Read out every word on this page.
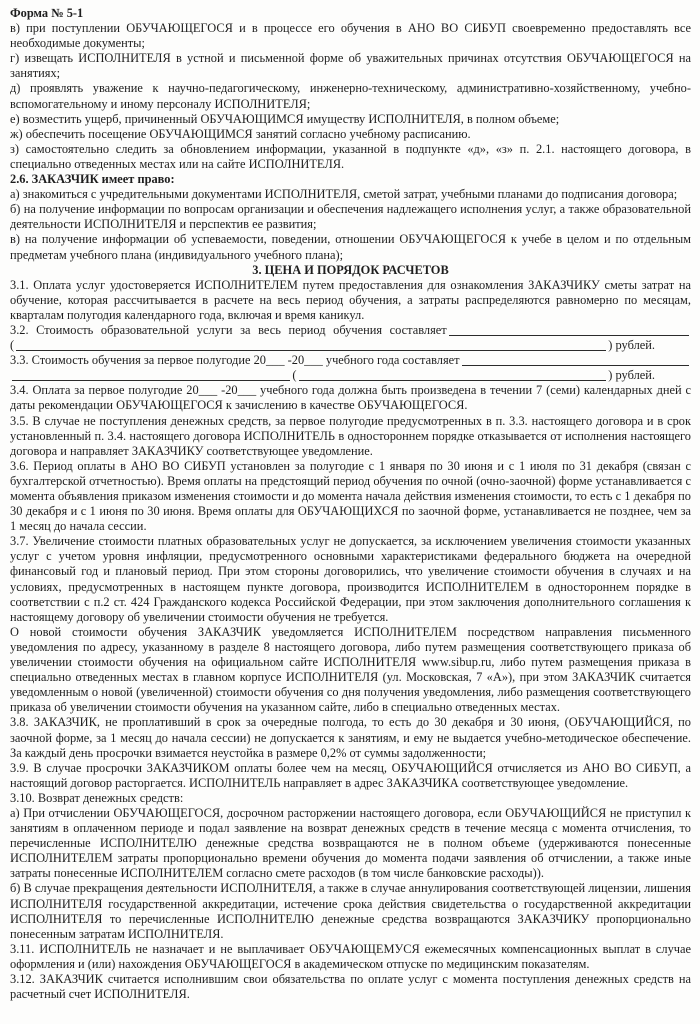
Форма № 5-1
в) при поступлении ОБУЧАЮЩЕГОСЯ и в процессе его обучения в АНО ВО СИБУП своевременно предоставлять все необходимые документы;
г) извещать ИСПОЛНИТЕЛЯ в устной и письменной форме об уважительных причинах отсутствия ОБУЧАЮЩЕГОСЯ на занятиях;
д) проявлять уважение к научно-педагогическому, инженерно-техническому, административно-хозяйственному, учебно-вспомогательному и иному персоналу ИСПОЛНИТЕЛЯ;
е) возместить ущерб, причиненный ОБУЧАЮЩИМСЯ имуществу ИСПОЛНИТЕЛЯ, в полном объеме;
ж) обеспечить посещение ОБУЧАЮЩИМСЯ занятий согласно учебному расписанию.
з) самостоятельно следить за обновлением информации, указанной в подпункте «д», «з» п. 2.1. настоящего договора, в специально отведенных местах или на сайте ИСПОЛНИТЕЛЯ.
2.6. ЗАКАЗЧИК имеет право:
а) знакомиться с учредительными документами ИСПОЛНИТЕЛЯ, сметой затрат, учебными планами до подписания договора;
б) на получение информации по вопросам организации и обеспечения надлежащего исполнения услуг, а также образовательной деятельности ИСПОЛНИТЕЛЯ и перспектив ее развития;
в) на получение информации об успеваемости, поведении, отношении ОБУЧАЮЩЕГОСЯ к учебе в целом и по отдельным предметам учебного плана (индивидуального учебного плана);
3. ЦЕНА И ПОРЯДОК РАСЧЕТОВ
3.1. Оплата услуг удостоверяется ИСПОЛНИТЕЛЕМ путем предоставления для ознакомления ЗАКАЗЧИКУ сметы затрат на обучение, которая рассчитывается в расчете на весь период обучения, а затраты распределяются равномерно по месяцам, кварталам полугодия календарного года, включая и время каникул.
3.2. Стоимость образовательной услуги за весь период обучения составляет
(	) рублей.
3.3. Стоимость обучения за первое полугодие 20___ -20___ учебного года составляет
(	) рублей.
3.4. Оплата за первое полугодие 20___ -20___ учебного года должна быть произведена в течении 7 (семи) календарных дней с даты рекомендации ОБУЧАЮЩЕГОСЯ к зачислению в качестве ОБУЧАЮЩЕГОСЯ.
3.5. В случае не поступления денежных средств, за первое полугодие предусмотренных в п. 3.3. настоящего договора и в срок установленный п. 3.4. настоящего договора ИСПОЛНИТЕЛЬ в одностороннем порядке отказывается от исполнения настоящего договора и направляет ЗАКАЗЧИКУ соответствующее уведомление.
3.6. Период оплаты в АНО ВО СИБУП установлен за полугодие с 1 января по 30 июня и с 1 июля по 31 декабря (связан с бухгалтерской отчетностью). Время оплаты на предстоящий период обучения по очной (очно-заочной) форме устанавливается с момента объявления приказом изменения стоимости и до момента начала действия изменения стоимости, то есть с 1 декабря по 30 декабря и с 1 июня по 30 июня. Время оплаты для ОБУЧАЮЩИХСЯ по заочной форме, устанавливается не позднее, чем за 1 месяц до начала сессии.
3.7. Увеличение стоимости платных образовательных услуг не допускается, за исключением увеличения стоимости указанных услуг с учетом уровня инфляции, предусмотренного основными характеристиками федерального бюджета на очередной финансовый год и плановый период. При этом стороны договорились, что увеличение стоимости обучения в случаях и на условиях, предусмотренных в настоящем пункте договора, производится ИСПОЛНИТЕЛЕМ в одностороннем порядке в соответствии с п.2 ст. 424 Гражданского кодекса Российской Федерации, при этом заключения дополнительного соглашения к настоящему договору об увеличении стоимости обучения не требуется.
О новой стоимости обучения ЗАКАЗЧИК уведомляется ИСПОЛНИТЕЛЕМ посредством направления письменного уведомления по адресу, указанному в разделе 8 настоящего договора, либо путем размещения соответствующего приказа об увеличении стоимости обучения на официальном сайте ИСПОЛНИТЕЛЯ www.sibup.ru, либо путем размещения приказа в специально отведенных местах в главном корпусе ИСПОЛНИТЕЛЯ (ул. Московская, 7 «А»), при этом ЗАКАЗЧИК считается уведомленным о новой (увеличенной) стоимости обучения со дня получения уведомления, либо размещения соответствующего приказа об увеличении стоимости обучения на указанном сайте, либо в специально отведенных местах.
3.8. ЗАКАЗЧИК, не проплативший в срок за очередные полгода, то есть до 30 декабря и 30 июня, (ОБУЧАЮЩИЙСЯ, по заочной форме, за 1 месяц до начала сессии) не допускается к занятиям, и ему не выдается учебно-методическое обеспечение. За каждый день просрочки взимается неустойка в размере 0,2% от суммы задолженности;
3.9. В случае просрочки ЗАКАЗЧИКОМ оплаты более чем на месяц, ОБУЧАЮЩИЙСЯ отчисляется из АНО ВО СИБУП, а настоящий договор расторгается. ИСПОЛНИТЕЛЬ направляет в адрес ЗАКАЗЧИКА соответствующее уведомление.
3.10. Возврат денежных средств:
а) При отчислении ОБУЧАЮЩЕГОСЯ, досрочном расторжении настоящего договора, если ОБУЧАЮЩИЙСЯ не приступил к занятиям в оплаченном периоде и подал заявление на возврат денежных средств в течение месяца с момента отчисления, то перечисленные ИСПОЛНИТЕЛЮ денежные средства возвращаются не в полном объеме (удерживаются понесенные ИСПОЛНИТЕЛЕМ затраты пропорционально времени обучения до момента подачи заявления об отчислении, а также иные затраты понесенные ИСПОЛНИТЕЛЕМ согласно смете расходов (в том числе банковские расходы)).
б) В случае прекращения деятельности ИСПОЛНИТЕЛЯ, а также в случае аннулирования соответствующей лицензии, лишения ИСПОЛНИТЕЛЯ государственной аккредитации, истечение срока действия свидетельства о государственной аккредитации ИСПОЛНИТЕЛЯ то перечисленные ИСПОЛНИТЕЛЮ денежные средства возвращаются ЗАКАЗЧИКУ пропорционально понесенным затратам ИСПОЛНИТЕЛЯ.
3.11. ИСПОЛНИТЕЛЬ не назначает и не выплачивает ОБУЧАЮЩЕМУСЯ ежемесячных компенсационных выплат в случае оформления и (или) нахождения ОБУЧАЮЩЕГОСЯ в академическом отпуске по медицинским показателям.
3.12. ЗАКАЗЧИК считается исполнившим свои обязательства по оплате услуг с момента поступления денежных средств на расчетный счет ИСПОЛНИТЕЛЯ.
